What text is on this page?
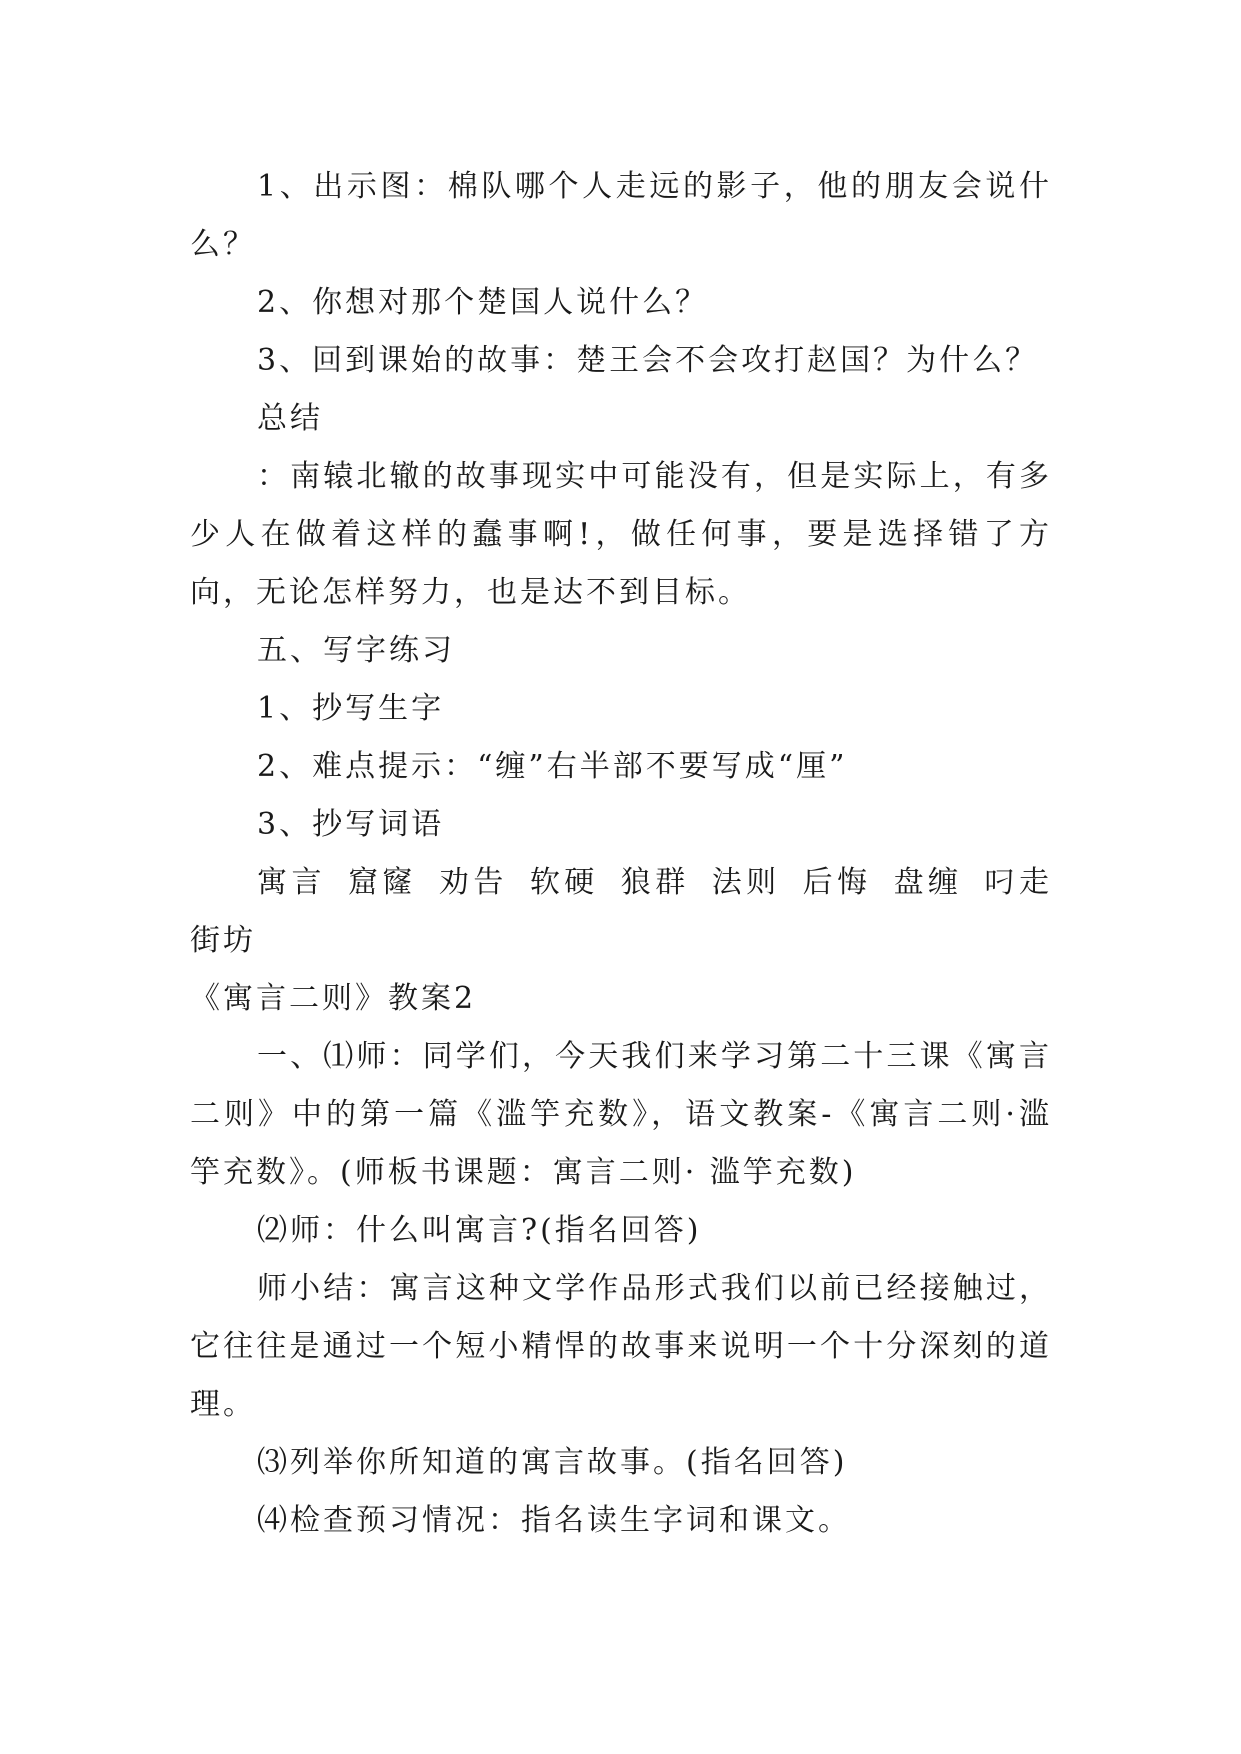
1、出示图：棉队哪个人走远的影子，他的朋友会说什么？

2、你想对那个楚国人说什么？

3、回到课始的故事：楚王会不会攻打赵国？为什么？

总结

：南辕北辙的故事现实中可能没有，但是实际上，有多少人在做着这样的蠢事啊!，做任何事，要是选择错了方向，无论怎样努力，也是达不到目标。

五、写字练习

1、抄写生字

2、难点提示：“缠”右半部不要写成“厘”

3、抄写词语

寓言 窟窿 劝告 软硬 狼群 法则 后悔 盘缠 叼走 街坊

《寓言二则》教案2

一、⑴师：同学们，今天我们来学习第二十三课《寓言二则》中的第一篇《滥竽充数》，语文教案-《寓言二则·滥竽充数》。(师板书课题：寓言二则· 滥竽充数)

⑵师：什么叫寓言?(指名回答)

师小结：寓言这种文学作品形式我们以前已经接触过，它往往是通过一个短小精悍的故事来说明一个十分深刻的道理。

⑶列举你所知道的寓言故事。(指名回答)

⑷检查预习情况：指名读生字词和课文。
